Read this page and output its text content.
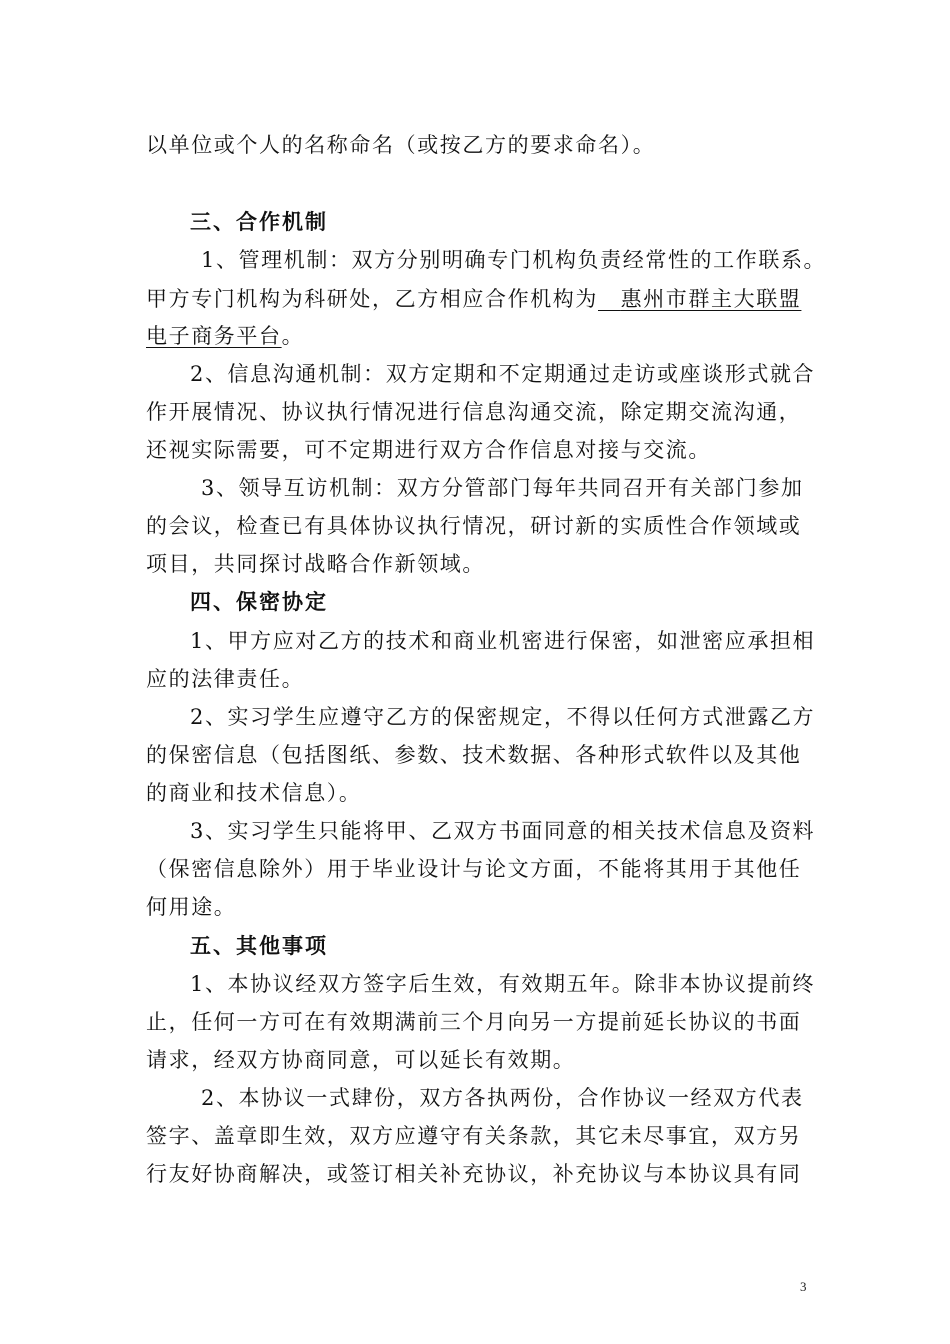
以单位或个人的名称命名（或按乙方的要求命名）。
三、合作机制
1、管理机制：双方分别明确专门机构负责经常性的工作联系。
甲方专门机构为科研处，乙方相应合作机构为  惠州市群主大联盟
电子商务平台。
2、信息沟通机制：双方定期和不定期通过走访或座谈形式就合
作开展情况、协议执行情况进行信息沟通交流，除定期交流沟通，
还视实际需要，可不定期进行双方合作信息对接与交流。
3、领导互访机制：双方分管部门每年共同召开有关部门参加
的会议，检查已有具体协议执行情况，研讨新的实质性合作领域或
项目，共同探讨战略合作新领域。
四、保密协定
1、甲方应对乙方的技术和商业机密进行保密，如泄密应承担相
应的法律责任。
2、实习学生应遵守乙方的保密规定，不得以任何方式泄露乙方
的保密信息（包括图纸、参数、技术数据、各种形式软件以及其他
的商业和技术信息）。
3、实习学生只能将甲、乙双方书面同意的相关技术信息及资料
（保密信息除外）用于毕业设计与论文方面，不能将其用于其他任
何用途。
五、其他事项
1、本协议经双方签字后生效，有效期五年。除非本协议提前终
止，任何一方可在有效期满前三个月向另一方提前延长协议的书面
请求，经双方协商同意，可以延长有效期。
2、本协议一式肆份，双方各执两份，合作协议一经双方代表
签字、盖章即生效，双方应遵守有关条款，其它未尽事宜，双方另
行友好协商解决，或签订相关补充协议，补充协议与本协议具有同
3
